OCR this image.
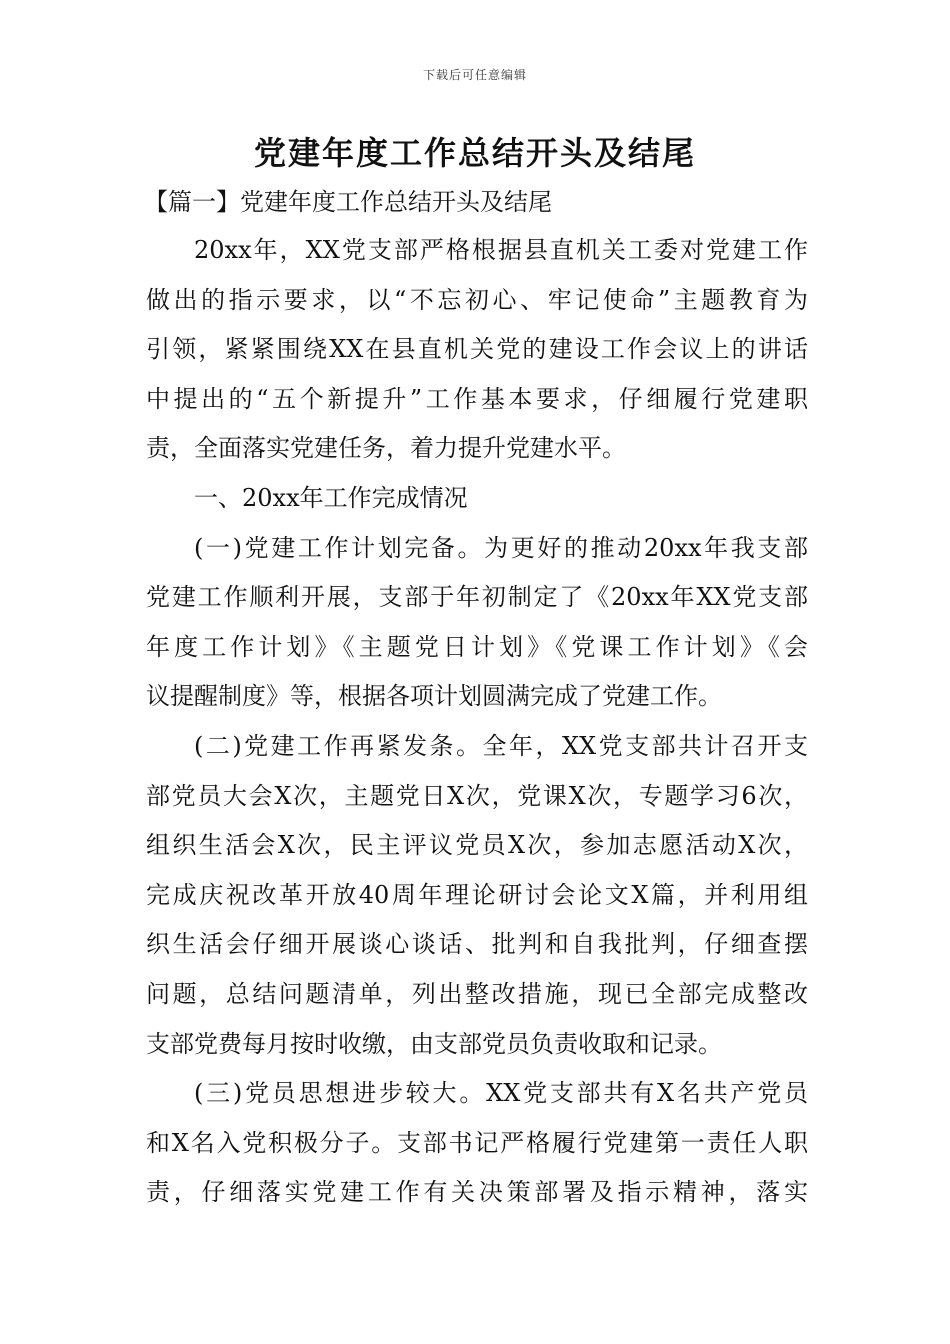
下载后可任意编辑
党建年度工作总结开头及结尾
【篇一】党建年度工作总结开头及结尾

20xx年，XX党支部严格根据县直机关工委对党建工作
做出的指示要求，以“不忘初心、牢记使命”主题教育为
引领，紧紧围绕XX在县直机关党的建设工作会议上的讲话
中提出的“五个新提升”工作基本要求，仔细履行党建职
责，全面落实党建任务，着力提升党建水平。

一、20xx年工作完成情况

(一)党建工作计划完备。为更好的推动20xx年我支部
党建工作顺利开展，支部于年初制定了《20xx年XX党支部
年度工作计划》《主题党日计划》《党课工作计划》《会
议提醒制度》等，根据各项计划圆满完成了党建工作。

(二)党建工作再紧发条。全年，XX党支部共计召开支
部党员大会X次，主题党日X次，党课X次，专题学习6次，
组织生活会X次，民主评议党员X次，参加志愿活动X次，
完成庆祝改革开放40周年理论研讨会论文X篇，并利用组
织生活会仔细开展谈心谈话、批判和自我批判，仔细查摆
问题，总结问题清单，列出整改措施，现已全部完成整改
支部党费每月按时收缴，由支部党员负责收取和记录。

(三)党员思想进步较大。XX党支部共有X名共产党员
和X名入党积极分子。支部书记严格履行党建第一责任人职
责，仔细落实党建工作有关决策部署及指示精神，落实
